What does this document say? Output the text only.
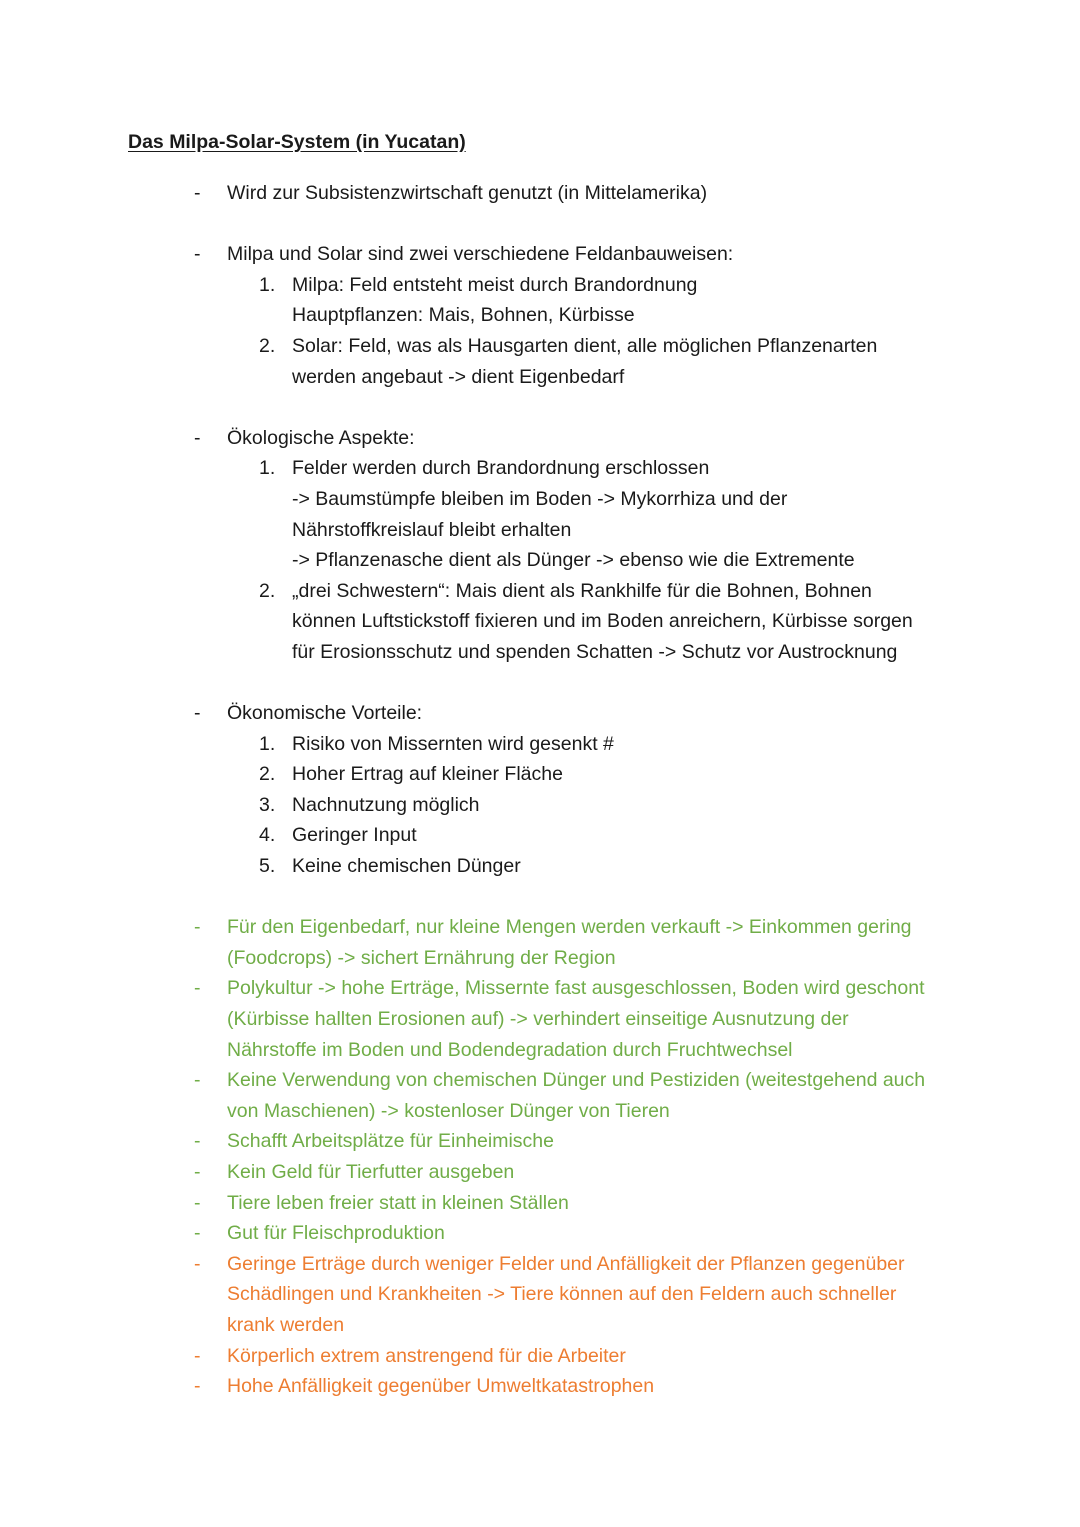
Das Milpa-Solar-System (in Yucatan)
- Wird zur Subsistenzwirtschaft genutzt (in Mittelamerika)
- Milpa und Solar sind zwei verschiedene Feldanbauweisen:
1. Milpa: Feld entsteht meist durch Brandordnung
Hauptpflanzen: Mais, Bohnen, Kürbisse
2. Solar: Feld, was als Hausgarten dient, alle möglichen Pflanzenarten
werden angebaut -> dient Eigenbedarf
- Ökologische Aspekte:
1. Felder werden durch Brandordnung erschlossen
-> Baumstümpfe bleiben im Boden -> Mykorrhiza und der
Nährstoffkreislauf bleibt erhalten
-> Pflanzenasche dient als Dünger -> ebenso wie die Extremente
2. „drei Schwestern“: Mais dient als Rankhilfe für die Bohnen, Bohnen
können Luftstickstoff fixieren und im Boden anreichern, Kürbisse sorgen
für Erosionsschutz und spenden Schatten -> Schutz vor Austrocknung
- Ökonomische Vorteile:
1. Risiko von Missernten wird gesenkt #
2. Hoher Ertrag auf kleiner Fläche
3. Nachnutzung möglich
4. Geringer Input
5. Keine chemischen Dünger
- Für den Eigenbedarf, nur kleine Mengen werden verkauft -> Einkommen gering
(Foodcrops) -> sichert Ernährung der Region
- Polykultur -> hohe Erträge, Missernte fast ausgeschlossen, Boden wird geschont
(Kürbisse hallten Erosionen auf) -> verhindert einseitige Ausnutzung der
Nährstoffe im Boden und Bodendegradation durch Fruchtwechsel
- Keine Verwendung von chemischen Dünger und Pestiziden (weitestgehend auch
von Maschienen) -> kostenloser Dünger von Tieren
- Schafft Arbeitsplätze für Einheimische
- Kein Geld für Tierfutter ausgeben
- Tiere leben freier statt in kleinen Ställen
- Gut für Fleischproduktion
- Geringe Erträge durch weniger Felder und Anfälligkeit der Pflanzen gegenüber
Schädlingen und Krankheiten -> Tiere können auf den Feldern auch schneller
krank werden
- Körperlich extrem anstrengend für die Arbeiter
- Hohe Anfälligkeit gegenüber Umweltkatastrophen
